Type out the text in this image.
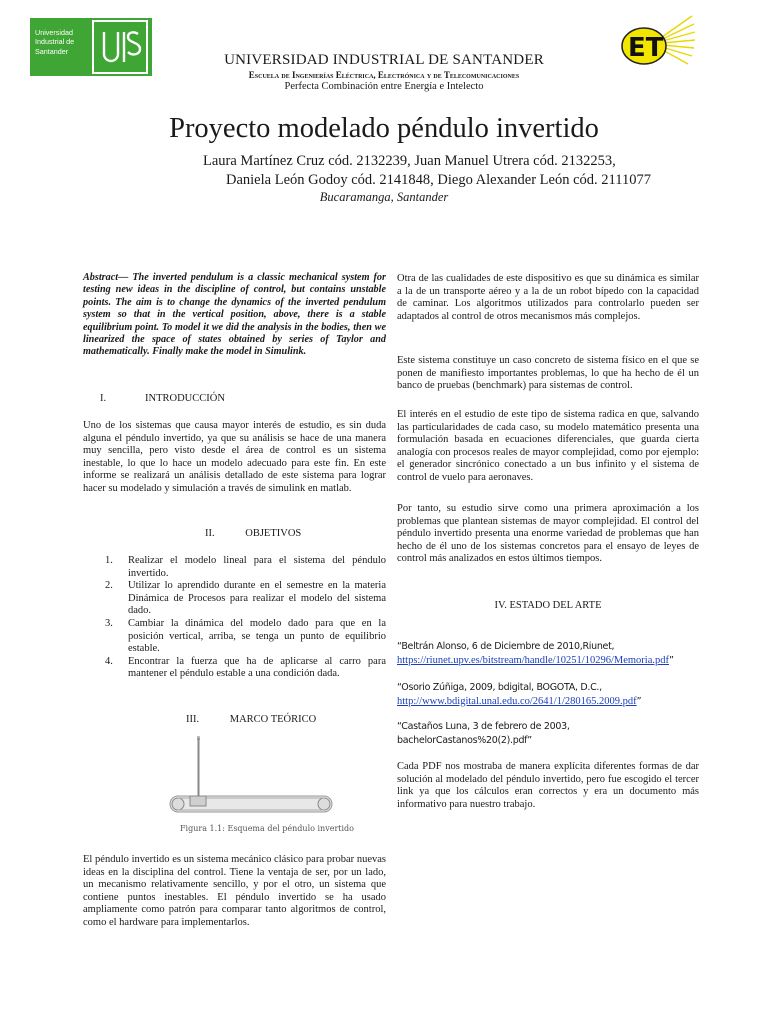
Universidad
Industrial de
Santander	ET
UNIVERSIDAD INDUSTRIAL DE SANTANDER
Escuela de Ingenierías Eléctrica, Electrónica y de Telecomunicaciones
Perfecta Combinación entre Energía e Intelecto
Proyecto modelado péndulo invertido
Laura Martínez Cruz cód. 2132239, Juan Manuel Utrera cód. 2132253,
Daniela León Godoy cód. 2141848, Diego Alexander León cód. 2111077
Bucaramanga, Santander
Abstract— The inverted pendulum is a classic mechanical system for testing new ideas in the discipline of control, but contains unstable points. The aim is to change the dynamics of the inverted pendulum system so that in the vertical position, above, there is a stable equilibrium point. To model it we did the analysis in the bodies, then we linearized the space of states obtained by series of Taylor and mathematically. Finally make the model in Simulink.
I.	INTRODUCCIÓN
Uno de los sistemas que causa mayor interés de estudio, es sin duda alguna el péndulo invertido, ya que su análisis se hace de una manera muy sencilla, pero visto desde el área de control es un sistema inestable, lo que lo hace un modelo adecuado para este fin. En este informe se realizará un análisis detallado de este sistema para lograr hacer su modelado y simulación a través de simulink en matlab.
II.	OBJETIVOS
1. Realizar el modelo lineal para el sistema del péndulo invertido.
2. Utilizar lo aprendido durante en el semestre en la materia Dinámica de Procesos para realizar el modelo del sistema dado.
3. Cambiar la dinámica del modelo dado para que en la posición vertical, arriba, se tenga un punto de equilibrio estable.
4. Encontrar la fuerza que ha de aplicarse al carro para mantener el péndulo estable a una condición dada.
III.	MARCO TEÓRICO
Figura 1.1: Esquema del péndulo invertido
El péndulo invertido es un sistema mecánico clásico para probar nuevas ideas en la disciplina del control. Tiene la ventaja de ser, por un lado, un mecanismo relativamente sencillo, y por el otro, un sistema que contiene puntos inestables. El péndulo invertido se ha usado ampliamente como patrón para comparar tanto algoritmos de control, como el hardware para implementarlos.
Otra de las cualidades de este dispositivo es que su dinámica es similar a la de un transporte aéreo y a la de un robot bípedo con la capacidad de caminar. Los algoritmos utilizados para controlarlo pueden ser adaptados al control de otros mecanismos más complejos.
Este sistema constituye un caso concreto de sistema físico en el que se ponen de manifiesto importantes problemas, lo que ha hecho de él un banco de pruebas (benchmark) para sistemas de control.
El interés en el estudio de este tipo de sistema radica en que, salvando las particularidades de cada caso, su modelo matemático presenta una formulación basada en ecuaciones diferenciales, que guarda cierta analogía con procesos reales de mayor complejidad, como por ejemplo: el generador sincrónico conectado a un bus infinito y el sistema de control de vuelo para aeronaves.
Por tanto, su estudio sirve como una primera aproximación a los problemas que plantean sistemas de mayor complejidad. El control del péndulo invertido presenta una enorme variedad de problemas que han hecho de él uno de los sistemas concretos para el ensayo de leyes de control más analizados en estos últimos tiempos.
IV. ESTADO DEL ARTE
“Beltrán Alonso, 6 de Diciembre de 2010,Riunet,
https://riunet.upv.es/bitstream/handle/10251/10296/Memoria.pdf”
“Osorio Zúñiga, 2009, bdigital, BOGOTA, D.C.,
http://www.bdigital.unal.edu.co/2641/1/280165.2009.pdf”
“Castaños Luna, 3 de febrero de 2003,
bachelorCastanos%20(2).pdf”
Cada PDF nos mostraba de manera explícita diferentes formas de dar solución al modelado del péndulo invertido, pero fue escogido el tercer link ya que los cálculos eran correctos y era un documento más informativo para nuestro trabajo.
